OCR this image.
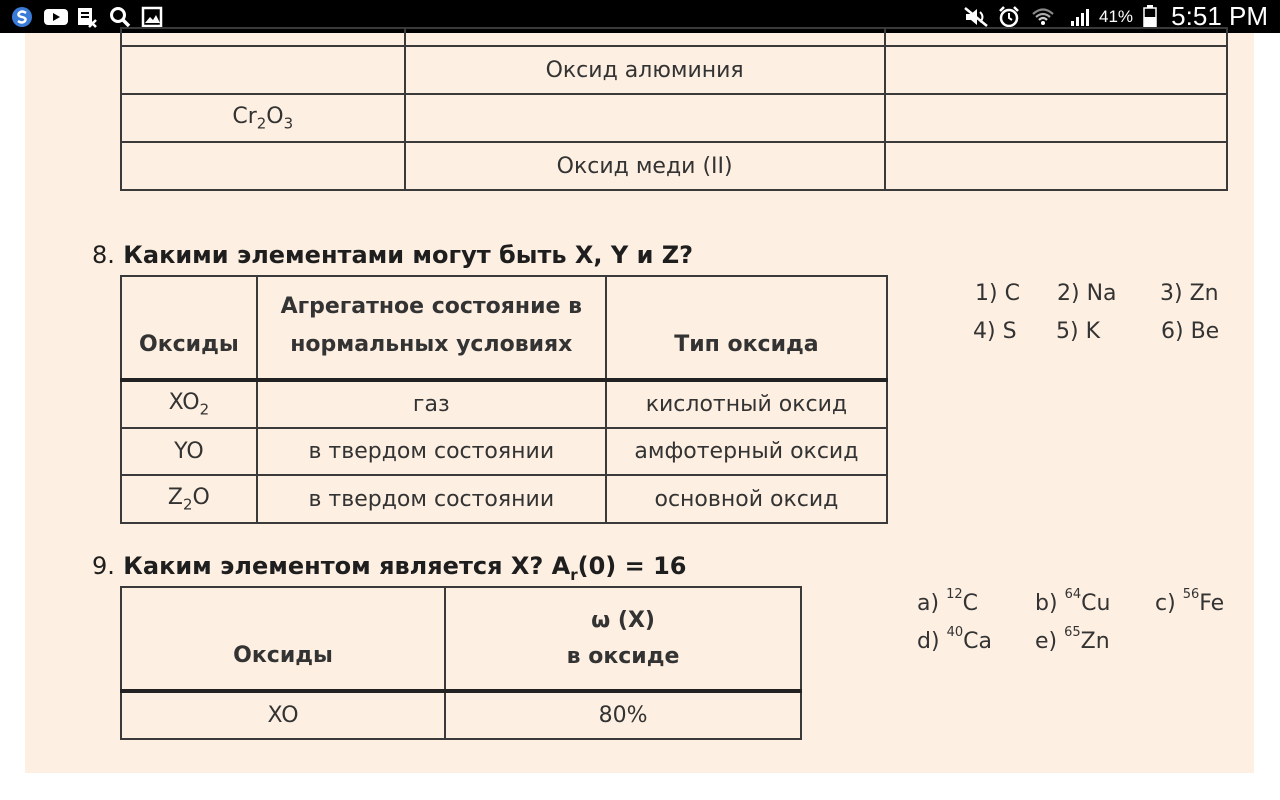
41% 5:51 PM

	Оксид алюминия	
$Cr_2O_3$		
	Оксид меди (II)	
8. Какими элементами могут быть X, Y и Z?
Оксиды	Агрегатное состояние в нормальных условиях	Тип оксида
$XO_2$	газ	кислотный оксид
YO	в твердом состоянии	амфотерный оксид
$Z_2O$	в твердом состоянии	основной оксид
1) C 2) Na 3) Zn
4) S 5) K	6) Be
9. Каким элементом является X? $A_r(0) = 16$
Оксиды	ω (X)
в оксиде
XO	80%
a) $^{12}$C	b) $^{64}$Cu c) $^{56}$Fe
d) $^{40}$Ca e) $^{65}$Zn
